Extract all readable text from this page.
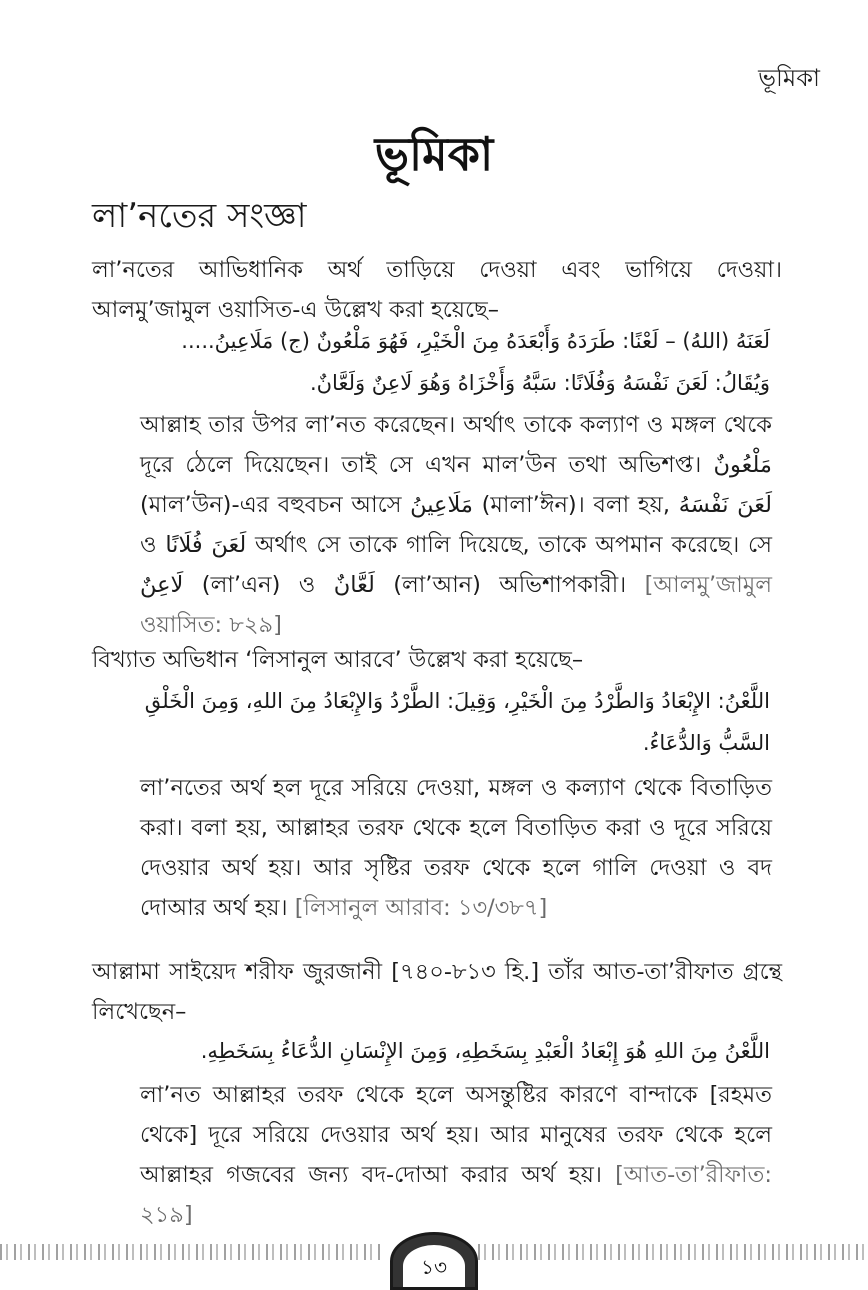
ভূমিকা
ভূমিকা
লা’নতের সংজ্ঞা
লা’নতের আভিধানিক অর্থ তাড়িয়ে দেওয়া এবং ভাগিয়ে দেওয়া। আলমু’জামুল ওয়াসিত-এ উল্লেখ করা হয়েছে–
لَعَنَهُ (اللهُ) – لَعْنًا: طَرَدَهُ وَأَبْعَدَهُ مِنَ الْخَيْرِ، فَهُوَ مَلْعُونٌ (ج) مَلَاعِينُ.....
وَيُقَالُ: لَعَنَ نَفْسَهُ وَفُلَانًا: سَبَّهُ وَأَخْزَاهُ وَهُوَ لَاعِنٌ وَلَعَّانٌ.
আল্লাহ তার উপর লা’নত করেছেন। অর্থাৎ তাকে কল্যাণ ও মঙ্গল থেকে দূরে ঠেলে দিয়েছেন। তাই সে এখন মাল’উন তথা অভিশপ্ত। مَلْعُونٌ (মাল’উন)-এর বহুবচন আসে مَلَاعِينُ (মালা’ঈন)। বলা হয়, لَعَنَ نَفْسَهُ ও لَعَنَ فُلَانًا অর্থাৎ সে তাকে গালি দিয়েছে, তাকে অপমান করেছে। সে لَاعِنٌ (লা’এন) ও لَعَّانٌ (লা’আন) অভিশাপকারী। [আলমু’জামুল ওয়াসিত: ৮২৯]
বিখ্যাত অভিধান ‘লিসানুল আরবে’ উল্লেখ করা হয়েছে–
اللَّعْنُ: الإِبْعَادُ وَالطَّرْدُ مِنَ الْخَيْرِ، وَقِيلَ: الطَّرْدُ وَالإِبْعَادُ مِنَ اللهِ، وَمِنَ الْخَلْقِ السَّبُّ وَالدُّعَاءُ.
লা’নতের অর্থ হল দূরে সরিয়ে দেওয়া, মঙ্গল ও কল্যাণ থেকে বিতাড়িত করা। বলা হয়, আল্লাহর তরফ থেকে হলে বিতাড়িত করা ও দূরে সরিয়ে দেওয়ার অর্থ হয়। আর সৃষ্টির তরফ থেকে হলে গালি দেওয়া ও বদ দোআর অর্থ হয়। [লিসানুল আরাব: ১৩/৩৮৭]
আল্লামা সাইয়েদ শরীফ জুরজানী [৭৪০-৮১৩ হি.] তাঁর আত-তা’রীফাত গ্রন্থে লিখেছেন–
اللَّعْنُ مِنَ اللهِ هُوَ إِبْعَادُ الْعَبْدِ بِسَخَطِهِ، وَمِنَ الإِنْسَانِ الدُّعَاءُ بِسَخَطِهِ.
লা’নত আল্লাহর তরফ থেকে হলে অসন্তুষ্টির কারণে বান্দাকে [রহমত থেকে] দূরে সরিয়ে দেওয়ার অর্থ হয়। আর মানুষের তরফ থেকে হলে আল্লাহর গজবের জন্য বদ-দোআ করার অর্থ হয়। [আত-তা’রীফাত: ২১৯]
১৩
